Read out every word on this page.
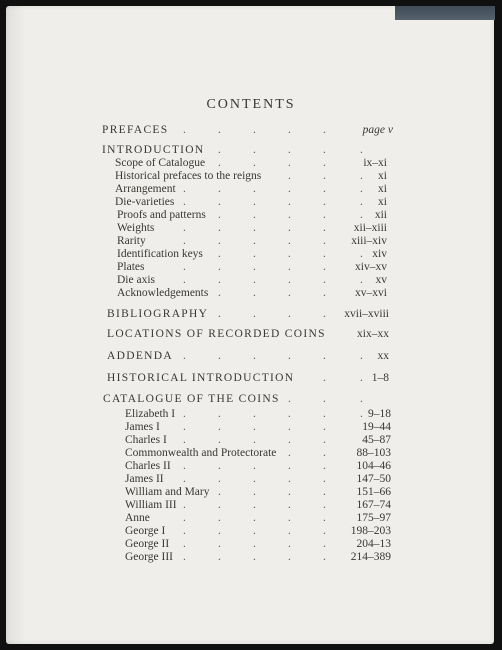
CONTENTS
PREFACES	page v
.	.	.	.	.
INTRODUCTION .	.	.	.	.
Scope of Catalogue	ix–xi
.	.	.	.
Historical prefaces to the reigns	xi
.	.	.
Arrangement	xi
.	.	.	.	.	.
Die-varieties	xi
.	.	.	.	.	.
Proofs and patterns	xii
.	.	.	.	.
Weights	xii–xiii
.	.	.	.	.
Rarity	xiii–xiv
.	.	.	.	.
Identification keys	xiv
.	.	.	.	.
Plates	xiv–xv
.	.	.	.	.
Die axis	xv
.	.	.	.	.	.
Acknowledgements	xv–xvi
.	.	.	.
BIBLIOGRAPHY	xvii–xviii
.	.	.	.
LOCATIONS OF RECORDED COINS	xix–xx
ADDENDA	xx
.	.	.	.	.	.
HISTORICAL INTRODUCTION	1–8
.	.
CATALOGUE OF THE COINS .	.	.
Elizabeth I	9–18
.	.	.	.	.	.
James I	19–44
.	.	.	.	.
Charles I	45–87
.	.	.	.	.
Commonwealth and Protectorate	88–103
.	.
Charles II	104–46
.	.	.	.	.
James II	147–50
.	.	.	.	.
William and Mary	151–66
.	.	.	.
William III	167–74
.	.	.	.	.
Anne	175–97
.	.	.	.	.
George I	198–203
.	.	.	.	.
George II	204–13
.	.	.	.	.
George III	214–389
.	.	.	.	.
